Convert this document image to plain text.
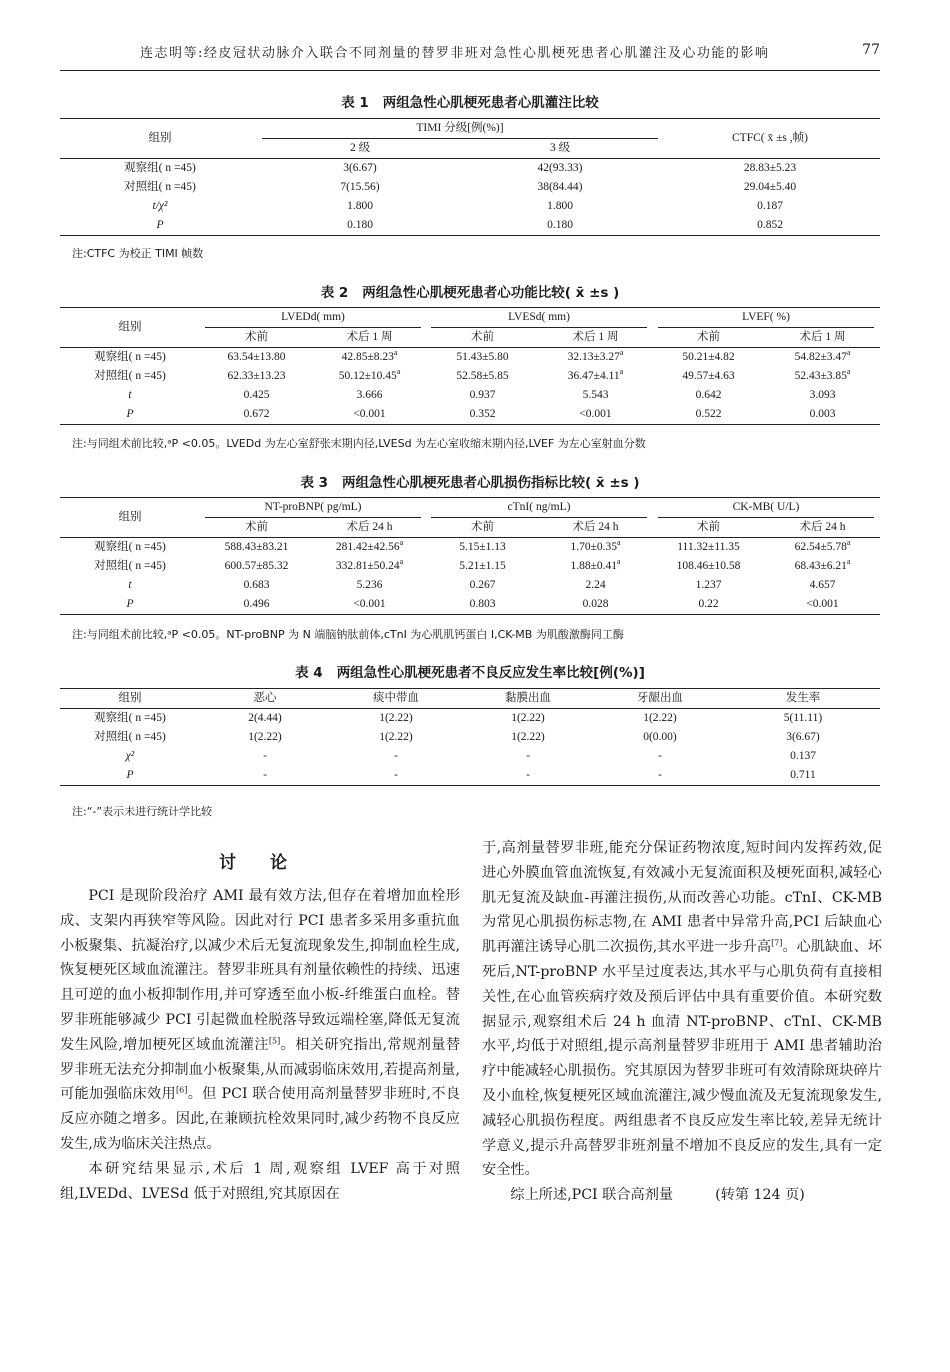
连志明等:经皮冠状动脉介入联合不同剂量的替罗非班对急性心肌梗死患者心肌灌注及心功能的影响	77
表 1 两组急性心肌梗死患者心肌灌注比较
组别	TIMI 分级[例(%)]		CTFC( x̄ ±s ,帧)
	2 级	3 级	
观察组( n =45)	3(6.67)	42(93.33)	28.83±5.23
对照组( n =45)	7(15.56)	38(84.44)	29.04±5.40
t/χ²	1.800	1.800	0.187
P	0.180	0.180	0.852
注:CTFC 为校正 TIMI 帧数
表 2 两组急性心肌梗死患者心功能比较( x̄ ±s )
组别	LVEDd( mm)		LVESd( mm)		LVEF( %)	
	术前	术后 1 周	术前	术后 1 周	术前	术后 1 周
观察组( n =45)	63.54±13.80	42.85±8.23$^a$	51.43±5.80	32.13±3.27$^a$	50.21±4.82	54.82±3.47$^a$
对照组( n =45)	62.33±13.23	50.12±10.45$^a$	52.58±5.85	36.47±4.11$^a$	49.57±4.63	52.43±3.85$^a$
t	0.425	3.666	0.937	5.543	0.642	3.093
P	0.672	<0.001	0.352	<0.001	0.522	0.003
注:与同组术前比较,ᵃP <0.05。LVEDd 为左心室舒张末期内径,LVESd 为左心室收缩末期内径,LVEF 为左心室射血分数
表 3 两组急性心肌梗死患者心肌损伤指标比较( x̄ ±s )
组别	NT-proBNP( pg/mL)		cTnI( ng/mL)		CK-MB( U/L)	
	术前	术后 24 h	术前	术后 24 h	术前	术后 24 h
观察组( n =45)	588.43±83.21	281.42±42.56$^a$	5.15±1.13	1.70±0.35$^a$	111.32±11.35	62.54±5.78$^a$
对照组( n =45)	600.57±85.32	332.81±50.24$^a$	5.21±1.15	1.88±0.41$^a$	108.46±10.58	68.43±6.21$^a$
t	0.683	5.236	0.267	2.24	1.237	4.657
P	0.496	<0.001	0.803	0.028	0.22	<0.001
注:与同组术前比较,ᵃP <0.05。NT-proBNP 为 N 端脑钠肽前体,cTnI 为心肌肌钙蛋白 I,CK-MB 为肌酸激酶同工酶
表 4 两组急性心肌梗死患者不良反应发生率比较[例(%)]
组别	恶心	痰中带血	黏膜出血	牙龈出血	发生率
观察组( n =45)	2(4.44)	1(2.22)	1(2.22)	1(2.22)	5(11.11)
对照组( n =45)	1(2.22)	1(2.22)	1(2.22)	0(0.00)	3(6.67)
χ²	-	-	-	-	0.137
P	-	-	-	-	0.711
注:“-”表示未进行统计学比较
讨 论

PCI 是现阶段治疗 AMI 最有效方法,但存在着增加血栓形成、支架内再狭窄等风险。因此对行 PCI 患者多采用多重抗血小板聚集、抗凝治疗,以减少术后无复流现象发生,抑制血栓生成,恢复梗死区域血流灌注。替罗非班具有剂量依赖性的持续、迅速且可逆的血小板抑制作用,并可穿透至血小板-纤维蛋白血栓。替罗非班能够减少 PCI 引起微血栓脱落导致远端栓塞,降低无复流发生风险,增加梗死区域血流灌注[5]。相关研究指出,常规剂量替罗非班无法充分抑制血小板聚集,从而减弱临床效用,若提高剂量,可能加强临床效用[6]。但 PCI 联合使用高剂量替罗非班时,不良反应亦随之增多。因此,在兼顾抗栓效果同时,减少药物不良反应发生,成为临床关注热点。

本研究结果显示,术后 1 周,观察组 LVEF 高于对照组,LVEDd、LVESd 低于对照组,究其原因在

于,高剂量替罗非班,能充分保证药物浓度,短时间内发挥药效,促进心外膜血管血流恢复,有效减小无复流面积及梗死面积,减轻心肌无复流及缺血-再灌注损伤,从而改善心功能。cTnI、CK-MB 为常见心肌损伤标志物,在 AMI 患者中异常升高,PCI 后缺血心肌再灌注诱导心肌二次损伤,其水平进一步升高[7]。心肌缺血、坏死后,NT-proBNP 水平呈过度表达,其水平与心肌负荷有直接相关性,在心血管疾病疗效及预后评估中具有重要价值。本研究数据显示,观察组术后 24 h 血清 NT-proBNP、cTnI、CK-MB 水平,均低于对照组,提示高剂量替罗非班用于 AMI 患者辅助治疗中能减轻心肌损伤。究其原因为替罗非班可有效清除斑块碎片及小血栓,恢复梗死区域血流灌注,减少慢血流及无复流现象发生,减轻心肌损伤程度。两组患者不良反应发生率比较,差异无统计学意义,提示升高替罗非班剂量不增加不良反应的发生,具有一定安全性。

综上所述,PCI 联合高剂量	(转第 124 页)
